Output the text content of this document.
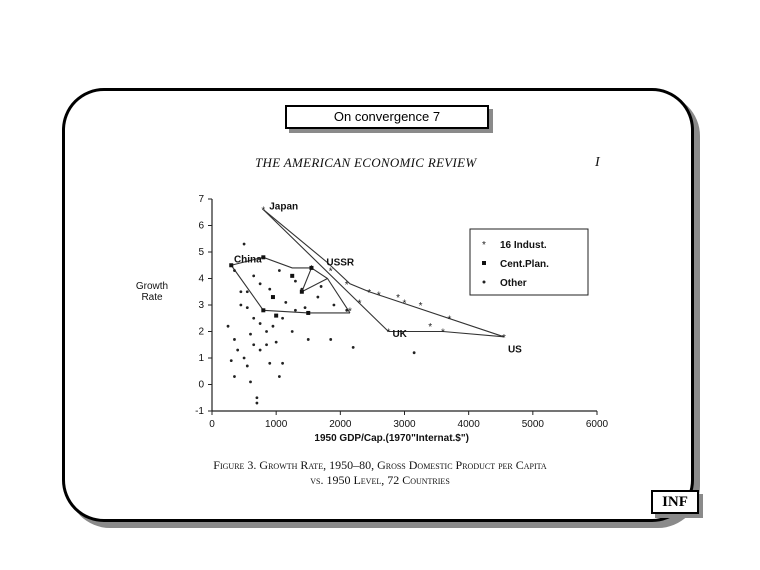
On convergence 7
THE AMERICAN ECONOMIC REVIEW	I
-1
0
1
2
3
4
5
6
7
0	1000	2000	3000	4000	5000	6000
1950 GDP/Cap.(1970"Internat.$")
Growth
Rate
*
*
*
* *
*	* * *
*
*
*	*	*
*
Japan
China	USSR
UK
US
* 16 Indust.
Cent.Plan.
Other
Figure 3. Growth Rate, 1950–80, Gross Domestic Product per Capita
vs. 1950 Level, 72 Countries
INF
